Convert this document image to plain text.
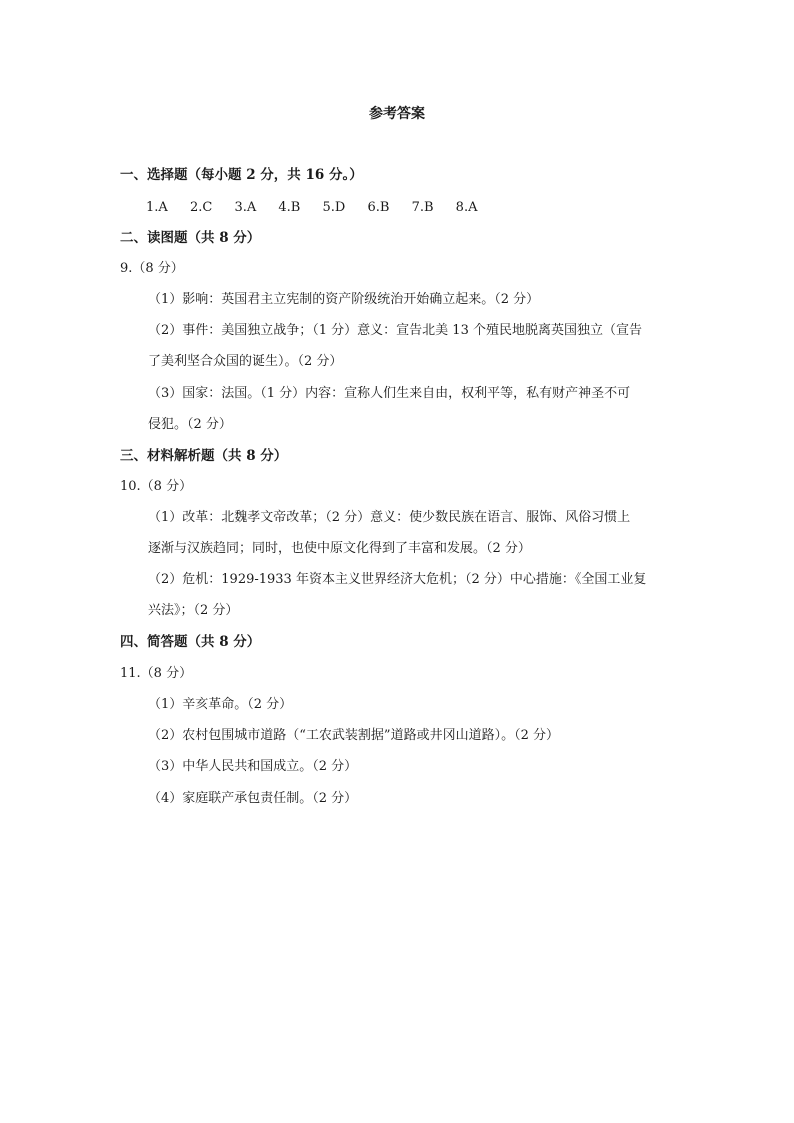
参考答案
一、选择题（每小题 2 分，共 16 分。）
1.A 2.C 3.A 4.B 5.D 6.B 7.B 8.A
二、读图题（共 8 分）
9.（8 分）
（1）影响：英国君主立宪制的资产阶级统治开始确立起来。（2 分）
（2）事件：美国独立战争；（1 分）意义：宣告北美 13 个殖民地脱离英国独立（宣告
了美利坚合众国的诞生）。（2 分）
（3）国家：法国。（1 分）内容：宣称人们生来自由，权利平等，私有财产神圣不可
侵犯。（2 分）
三、材料解析题（共 8 分）
10.（8 分）
（1）改革：北魏孝文帝改革；（2 分）意义：使少数民族在语言、服饰、风俗习惯上
逐渐与汉族趋同；同时，也使中原文化得到了丰富和发展。（2 分）
（2）危机：1929-1933 年资本主义世界经济大危机；（2 分）中心措施：《全国工业复
兴法》；（2 分）
四、简答题（共 8 分）
11.（8 分）
（1）辛亥革命。（2 分）
（2）农村包围城市道路（“工农武装割据”道路或井冈山道路）。（2 分）
（3）中华人民共和国成立。（2 分）
（4）家庭联产承包责任制。（2 分）
